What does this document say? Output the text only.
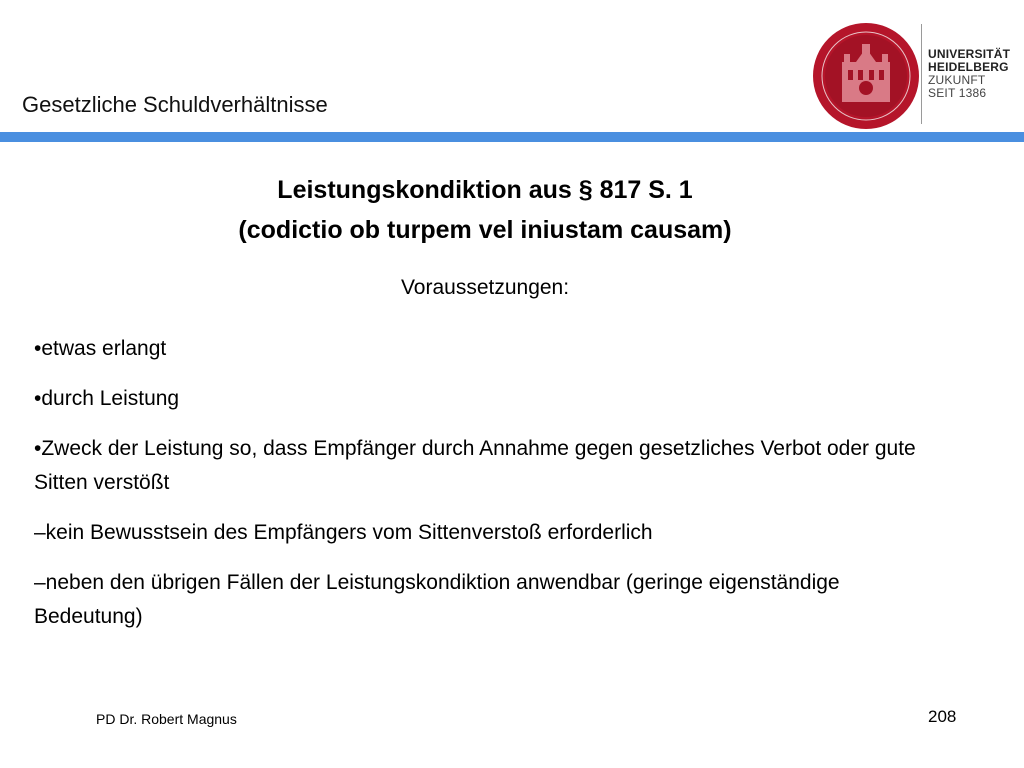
Gesetzliche Schuldverhältnisse
UNIVERSITÄT
HEIDELBERG
ZUKUNFT
SEIT 1386
Leistungskondiktion aus § 817 S. 1
(codictio ob turpem vel iniustam causam)
Voraussetzungen:

•etwas erlangt

•durch Leistung

•Zweck der Leistung so, dass Empfänger durch Annahme gegen gesetzliches Verbot oder gute Sitten verstößt

–kein Bewusstsein des Empfängers vom Sittenverstoß erforderlich

–neben den übrigen Fällen der Leistungskondiktion anwendbar (geringe eigenständige Bedeutung)

PD Dr. Robert Magnus	208
